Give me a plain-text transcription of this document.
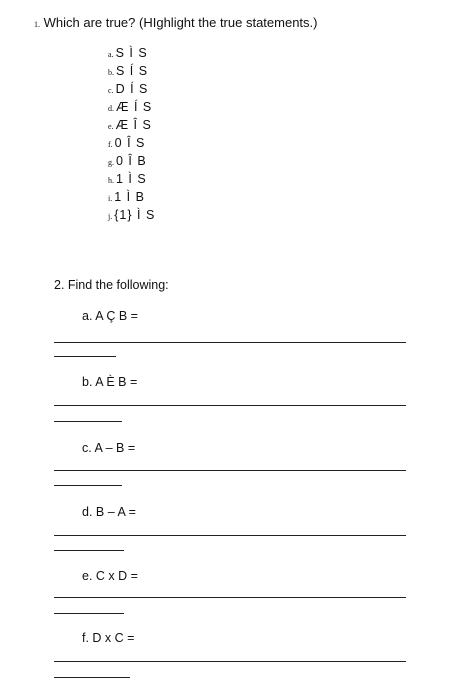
1. Which are true? (HIghlight the true statements.)
a. S Ì S
b. S Í S
c. D Í S
d. Æ Í S
e. Æ Î S
f. 0 Î S
g. 0 Î B
h. 1 Ì S
i. 1 Ì B
j. {1} Ì S
2. Find the following:
a. A Ç B =
b. A È B =
c. A – B =
d. B – A =
e. C x D =
f. D x C =
